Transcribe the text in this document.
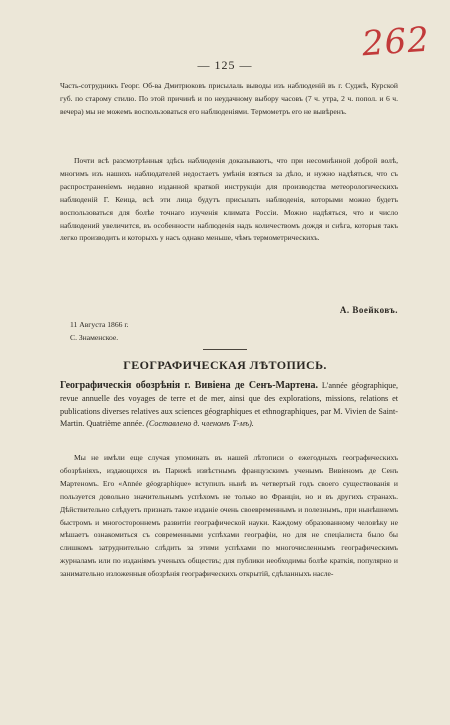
262
— 125 —

Часть-сотрудникъ Георг. Об-ва Дмитрюковъ присылаль выводы изъ наблюденій въ г. Суджѣ, Курской губ. по старому стилю. По этой причинѣ и по неудачному выбору часовъ (7 ч. утра, 2 ч. попол. и 6 ч. вечера) мы не можемъ воспользоваться его наблюденіями. Термометръ его не вывѣренъ.

Почти всѣ разсмотрѣнныя здѣсь наблюденія доказываютъ, что при несомнѣнной доброй волѣ, многимъ изъ нашихъ наблюдателей недостаетъ умѣнія взяться за дѣло, и нужно надѣяться, что съ распространеніемъ недавно изданной краткой инструкціи для производства метеорологическихъ наблюденій Г. Кеица, всѣ эти лица будутъ присылать наблюденія, которыми можно будетъ воспользоваться для болѣе точнаго изученія климата Россіи. Можно надѣяться, что и число наблюдений увеличится, въ особенности наблюденія надъ количествомъ дождя и снѣга, которыя такъ легко производить и которыхъ у насъ однако меньше, чѣмъ термометрическихъ.

А. Воейковъ.
11 Августа 1866 г.
С. Знаменское.
ГЕОГРАФИЧЕСКАЯ ЛѢТОПИСЬ.
Географическія обозрѣнія г. Вивіена де Сенъ-Мартена. L'année géographique, revue annuelle des voyages de terre et de mer, ainsi que des explorations, missions, relations et publications diverses relatives aux sciences géographiques et ethnographiques, par M. Vivien de Saint-Martin. Quatrième année. (Составлено д. членомъ Т-мъ).

Мы не имѣли еще случая упоминать въ нашей лѣтописи о ежегодныхъ географическихъ обозрѣніяхъ, издающихся въ Парижѣ извѣстнымъ французскимъ ученымъ Вивіеномъ де Сенъ Мартеномъ. Его «Année géographique» вступилъ нынѣ въ четвертый годъ своего существованія и пользуется довольно значительнымъ успѣхомъ не только во Франціи, но и въ другихъ странахъ. Дѣйствительно слѣдуетъ признать такое изданіе очень своевременнымъ и полезнымъ, при нынѣшнемъ быстромъ и многостороннемъ развитіи географической науки. Каждому образованному человѣку не мѣшаетъ ознакомиться съ современными успѣхами географіи, но для не спеціалиста было бы слишкомъ затруднительно слѣдить за этими успѣхами по многочисленнымъ географическимъ журналамъ или по изданіямъ ученыхъ обществъ; для публики необходимы болѣе краткія, популярно и занимательно изложенныя обозрѣнія географическихъ открытій, сдѣланныхъ насле-
